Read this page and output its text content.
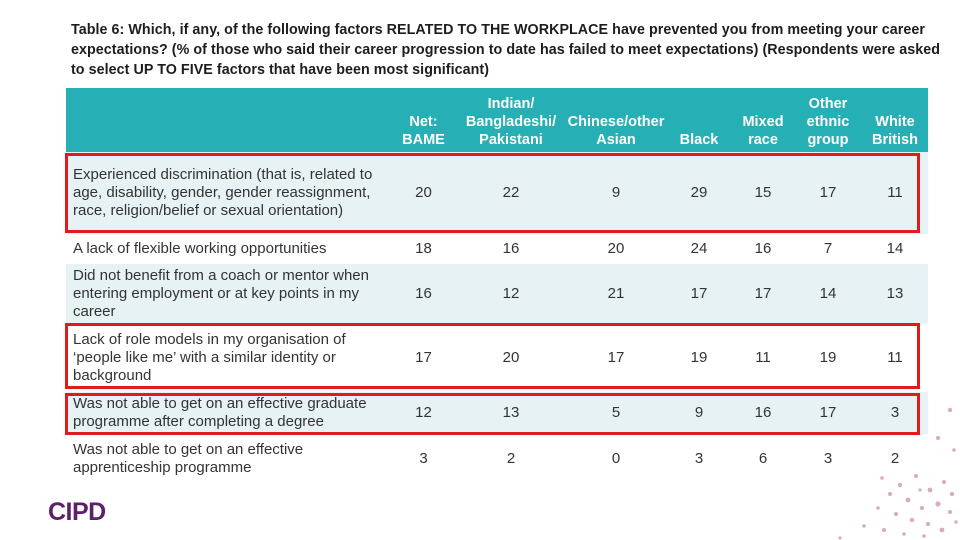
Table 6: Which, if any, of the following factors RELATED TO THE WORKPLACE have prevented you from meeting your career expectations? (% of those who said their career progression to date has failed to meet expectations) (Respondents were asked to select UP TO FIVE factors that have been most significant)
	Net: BAME	Indian/ Bangladeshi/ Pakistani	Chinese/other Asian	Black	Mixed race	Other ethnic group	White British
Experienced discrimination (that is, related to age, disability, gender, gender reassignment, race, religion/belief or sexual orientation)	20	22	9	29	15	17	11
A lack of flexible working opportunities	18	16	20	24	16	7	14
Did not benefit from a coach or mentor when entering employment or at key points in my career	16	12	21	17	17	14	13
Lack of role models in my organisation of ‘people like me’ with a similar identity or background	17	20	17	19	11	19	11
Was not able to get on an effective graduate programme after completing a degree	12	13	5	9	16	17	3
Was not able to get on an effective apprenticeship programme	3	2	0	3	6	3	2
CIPD
